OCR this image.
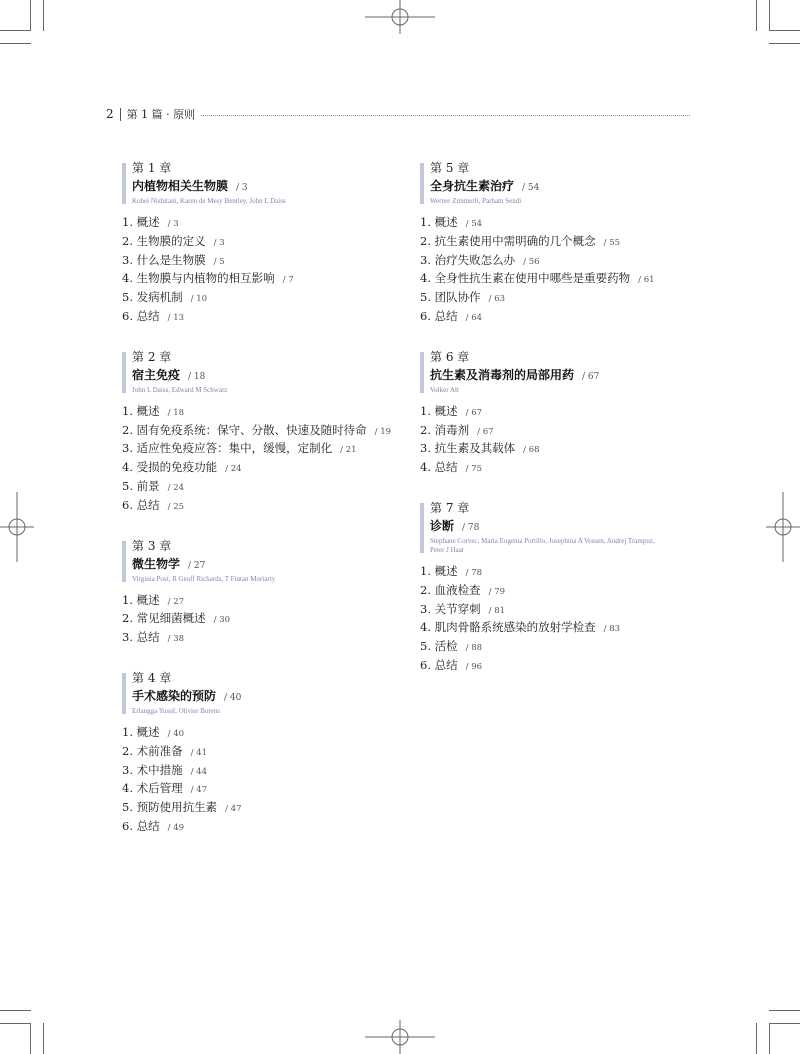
2 第 1 篇 · 原则
第 1 章
内植物相关生物膜 / 3
Kohei Nishitani, Karen de Mesy Bentley, John L Daiss
1. 概述 / 3
2. 生物膜的定义 / 3
3. 什么是生物膜 / 5
4. 生物膜与内植物的相互影响 / 7
5. 发病机制 / 10
6. 总结 / 13
第 2 章
宿主免疫 / 18
John L Daiss, Edward M Schwarz
1. 概述 / 18
2. 固有免疫系统：保守、分散、快速及随时待命 / 19
3. 适应性免疫应答：集中，缓慢，定制化 / 21
4. 受损的免疫功能 / 24
5. 前景 / 24
6. 总结 / 25
第 3 章
微生物学 / 27
Virginia Post, R Geoff Richards, T Fintan Moriarty
1. 概述 / 27
2. 常见细菌概述 / 30
3. 总结 / 38
第 4 章
手术感染的预防 / 40
Erlangga Yusuf, Olivier Borens
1. 概述 / 40
2. 术前准备 / 41
3. 术中措施 / 44
4. 术后管理 / 47
5. 预防使用抗生素 / 47
6. 总结 / 49
第 5 章
全身抗生素治疗 / 54
Werner Zimmerli, Parham Sendi
1. 概述 / 54
2. 抗生素使用中需明确的几个概念 / 55
3. 治疗失败怎么办 / 56
4. 全身性抗生素在使用中哪些是重要药物 / 61
5. 团队协作 / 63
6. 总结 / 64
第 6 章
抗生素及消毒剂的局部用药 / 67
Volker Alt
1. 概述 / 67
2. 消毒剂 / 67
3. 抗生素及其载体 / 68
4. 总结 / 75
第 7 章
诊断 / 78
Stephane Corvec, Maria Eugenia Portillo, Josephina A Vossen, Andrej Trampuz, Peter J Haar
1. 概述 / 78
2. 血液检查 / 79
3. 关节穿刺 / 81
4. 肌肉骨骼系统感染的放射学检查 / 83
5. 活检 / 88
6. 总结 / 96
